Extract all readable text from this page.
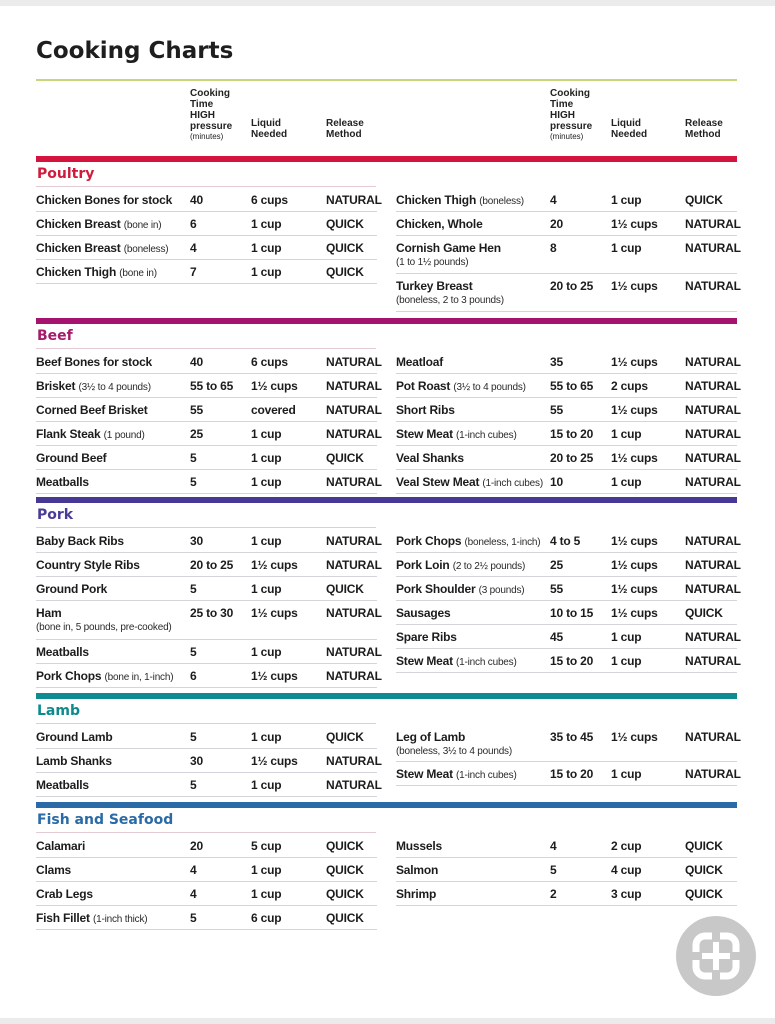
Cooking Charts
Cooking
Time
HIGH
pressure
(minutes)
Liquid
Needed
Release
Method
Cooking
Time
HIGH
pressure
(minutes)
Liquid
Needed
Release
Method
Poultry
Chicken Bones for stock 40	6 cups	NATURAL
Chicken Breast (bone in) 6	1 cup	QUICK
Chicken Breast (boneless) 4	1 cup	QUICK
Chicken Thigh (bone in)	7	1 cup	QUICK
Chicken Thigh (boneless) 4	1 cup	QUICK
Chicken, Whole	20	1½ cups NATURAL
Cornish Game Hen
(1 to 1½ pounds)
8	1 cup	NATURAL
Turkey Breast
(boneless, 2 to 3 pounds)
20 to 25 1½ cups NATURAL
Beef
Beef Bones for stock	40	6 cups	NATURAL
Brisket (3½ to 4 pounds)	55 to 65 1½ cups NATURAL
Corned Beef Brisket	55	covered	NATURAL
Flank Steak (1 pound)	25	1 cup	NATURAL
Ground Beef	5	1 cup	QUICK
Meatballs	5	1 cup	NATURAL
Meatloaf	35	1½ cups NATURAL
Pot Roast (3½ to 4 pounds) 55 to 65 2 cups	NATURAL
Short Ribs	55	1½ cups NATURAL
Stew Meat (1-inch cubes)	15 to 20 1 cup	NATURAL
Veal Shanks	20 to 25 1½ cups NATURAL
Veal Stew Meat (1-inch cubes) 10	1 cup	NATURAL
Pork
Baby Back Ribs	30	1 cup	NATURAL
Country Style Ribs	20 to 25 1½ cups NATURAL
Ground Pork	5	1 cup	QUICK
Ham
(bone in, 5 pounds, pre-cooked)
25 to 30 1½ cups NATURAL
Meatballs	5	1 cup	NATURAL
Pork Chops (bone in, 1-inch) 6	1½ cups NATURAL
Pork Chops (boneless, 1-inch) 4 to 5	1½ cups NATURAL
Pork Loin (2 to 2½ pounds) 25	1½ cups NATURAL
Pork Shoulder (3 pounds) 55	1½ cups NATURAL
Sausages	10 to 15 1½ cups QUICK
Spare Ribs	45	1 cup	NATURAL
Stew Meat (1-inch cubes)	15 to 20 1 cup	NATURAL
Lamb
Ground Lamb	5	1 cup	QUICK
Lamb Shanks	30	1½ cups NATURAL
Meatballs	5	1 cup	NATURAL
Leg of Lamb
(boneless, 3½ to 4 pounds)
35 to 45 1½ cups NATURAL
Stew Meat (1-inch cubes)	15 to 20 1 cup	NATURAL
Fish and Seafood
Calamari	20	5 cup	QUICK
Clams	4	1 cup	QUICK
Crab Legs	4	1 cup	QUICK
Fish Fillet (1-inch thick)	5	6 cup	QUICK
Mussels	4	2 cup	QUICK
Salmon	5	4 cup	QUICK
Shrimp	2	3 cup	QUICK
